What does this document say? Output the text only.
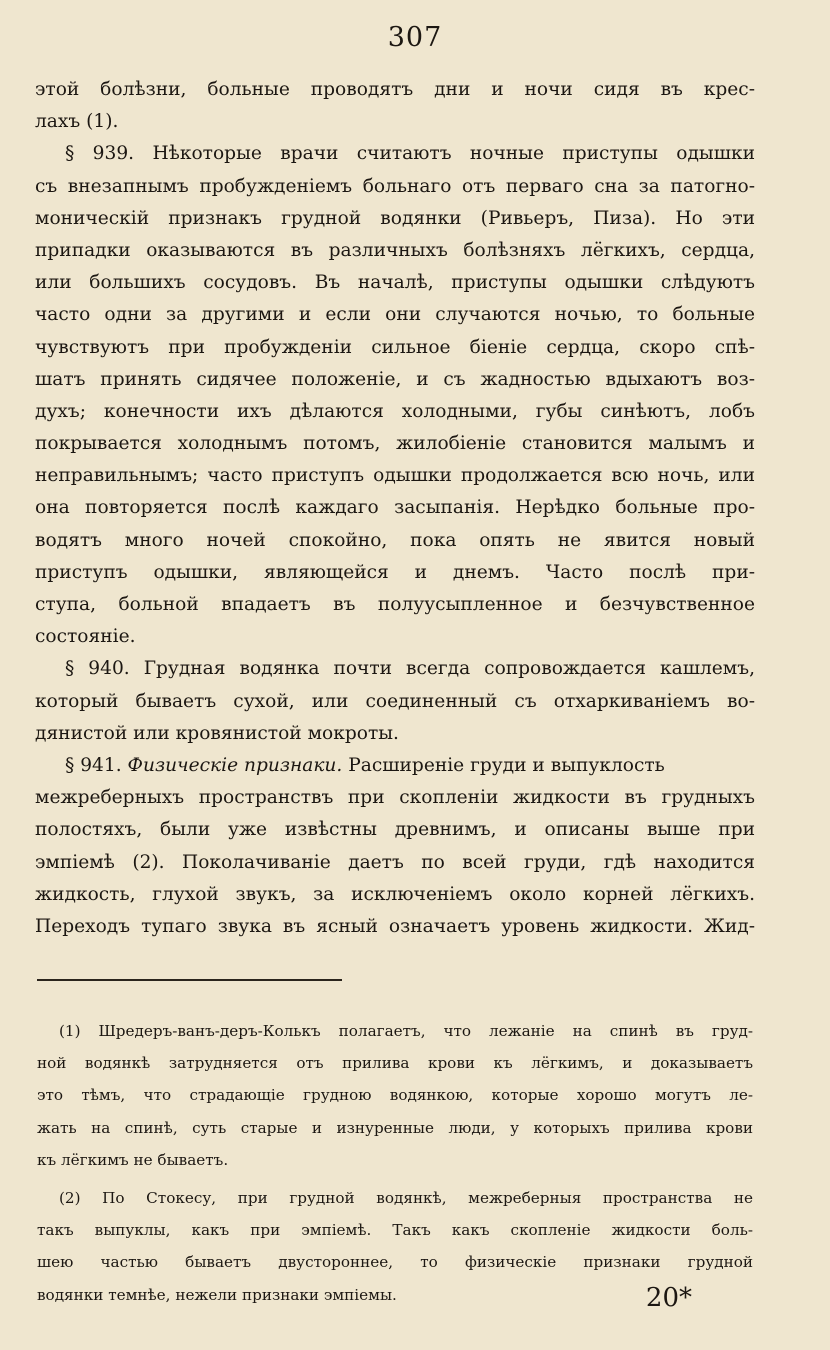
307
этой болѣзни, больные проводятъ дни и ночи сидя въ крес-
лахъ (1).
§ 939. Нѣкоторые врачи считаютъ ночные приступы одышки
съ внезапнымъ пробужденіемъ больнаго отъ перваго сна за патогно-
моническій признакъ грудной водянки (Ривьеръ, Пиза). Но эти
припадки оказываются въ различныхъ болѣзняхъ лёгкихъ, сердца,
или большихъ сосудовъ. Въ началѣ, приступы одышки слѣдуютъ
часто одни за другими и если они случаются ночью, то больные
чувствуютъ при пробужденіи сильное біеніе сердца, скоро спѣ-
шатъ принять сидячее положеніе, и съ жадностью вдыхаютъ воз-
духъ; конечности ихъ дѣлаются холодными, губы синѣютъ, лобъ
покрывается холоднымъ потомъ, жилобіеніе становится малымъ и
неправильнымъ; часто приступъ одышки продолжается всю ночь, или
она повторяется послѣ каждаго засыпанія. Нерѣдко больные про-
водятъ много ночей спокойно, пока опять не явится новый
приступъ одышки, являющейся и днемъ. Часто послѣ при-
ступа, больной впадаетъ въ полуусыпленное и безчувственное
состояніе.
§ 940. Грудная водянка почти всегда сопровождается кашлемъ,
который бываетъ сухой, или соединенный съ отхаркиваніемъ во-
дянистой или кровянистой мокроты.
§ 941. Физическіе признаки. Расширеніе груди и выпуклость
межреберныхъ пространствъ при скопленіи жидкости въ грудныхъ
полостяхъ, были уже извѣстны древнимъ, и описаны выше при
эмпіемѣ (2). Поколачиваніе даетъ по всей груди, гдѣ находится
жидкость, глухой звукъ, за исключеніемъ около корней лёгкихъ.
Переходъ тупаго звука въ ясный означаетъ уровень жидкости. Жид-
(1) Шредеръ-ванъ-деръ-Колькъ полагаетъ, что лежаніе на спинѣ въ груд-
ной водянкѣ затрудняется отъ прилива крови къ лёгкимъ, и доказываетъ
это тѣмъ, что страдающіе грудною водянкою, которые хорошо могутъ ле-
жать на спинѣ, суть старые и изнуренные люди, у которыхъ прилива крови
къ лёгкимъ не бываетъ.
(2) По Стокесу, при грудной водянкѣ, межреберныя пространства не
такъ выпуклы, какъ при эмпіемѣ. Такъ какъ скопленіе жидкости боль-
шею частью бываетъ двустороннее, то физическіе признаки грудной
водянки темнѣе, нежели признаки эмпіемы.	20*
